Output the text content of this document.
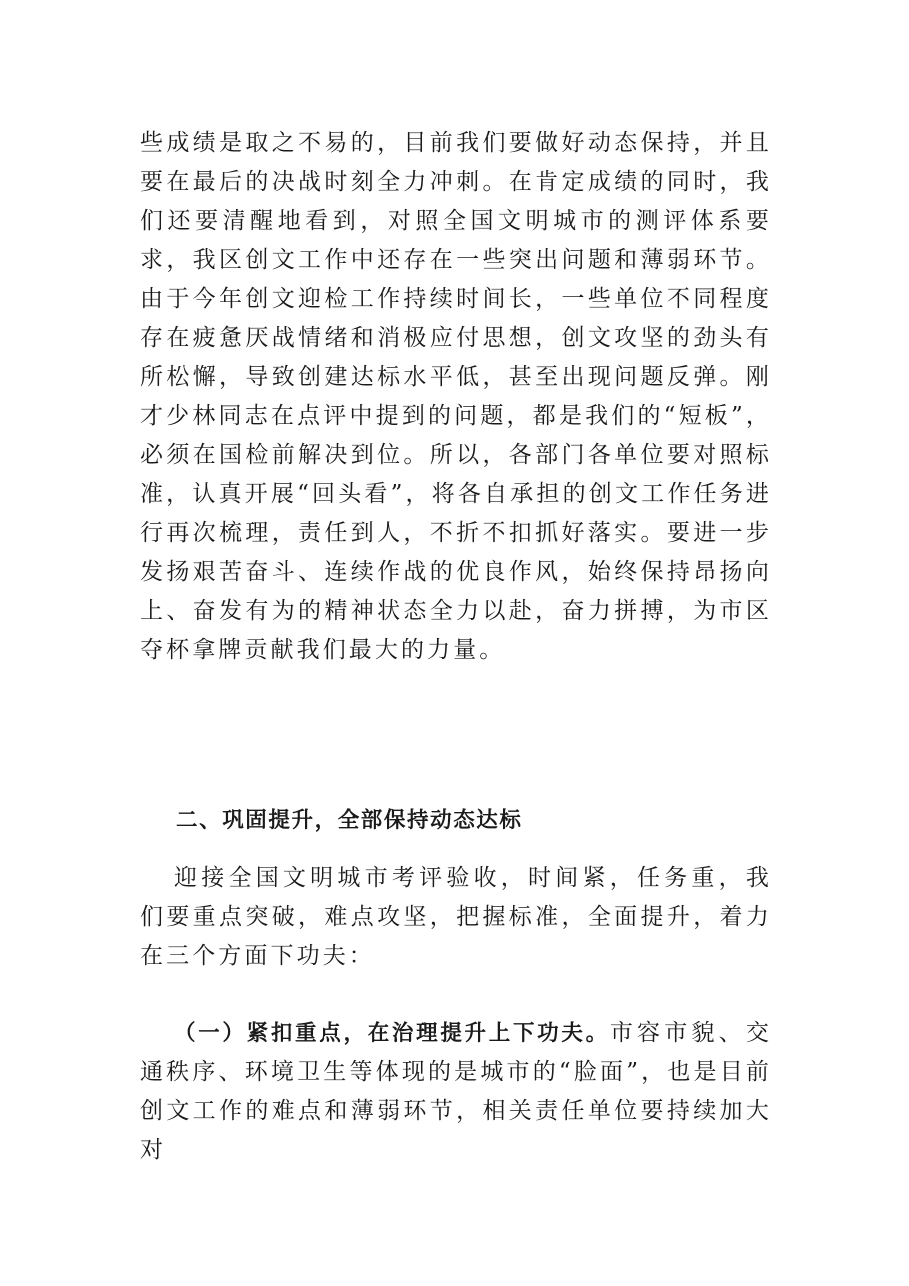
些成绩是取之不易的，目前我们要做好动态保持，并且要在最后的决战时刻全力冲刺。在肯定成绩的同时，我们还要清醒地看到，对照全国文明城市的测评体系要求，我区创文工作中还存在一些突出问题和薄弱环节。由于今年创文迎检工作持续时间长，一些单位不同程度存在疲惫厌战情绪和消极应付思想，创文攻坚的劲头有所松懈，导致创建达标水平低，甚至出现问题反弹。刚才少林同志在点评中提到的问题，都是我们的“短板”，必须在国检前解决到位。所以，各部门各单位要对照标准，认真开展“回头看”，将各自承担的创文工作任务进行再次梳理，责任到人，不折不扣抓好落实。要进一步发扬艰苦奋斗、连续作战的优良作风，始终保持昂扬向上、奋发有为的精神状态全力以赴，奋力拼搏，为市区夺杯拿牌贡献我们最大的力量。

二、巩固提升，全部保持动态达标

迎接全国文明城市考评验收，时间紧，任务重，我们要重点突破，难点攻坚，把握标准，全面提升，着力在三个方面下功夫：

（一）紧扣重点，在治理提升上下功夫。市容市貌、交通秩序、环境卫生等体现的是城市的“脸面”，也是目前创文工作的难点和薄弱环节，相关责任单位要持续加大对
